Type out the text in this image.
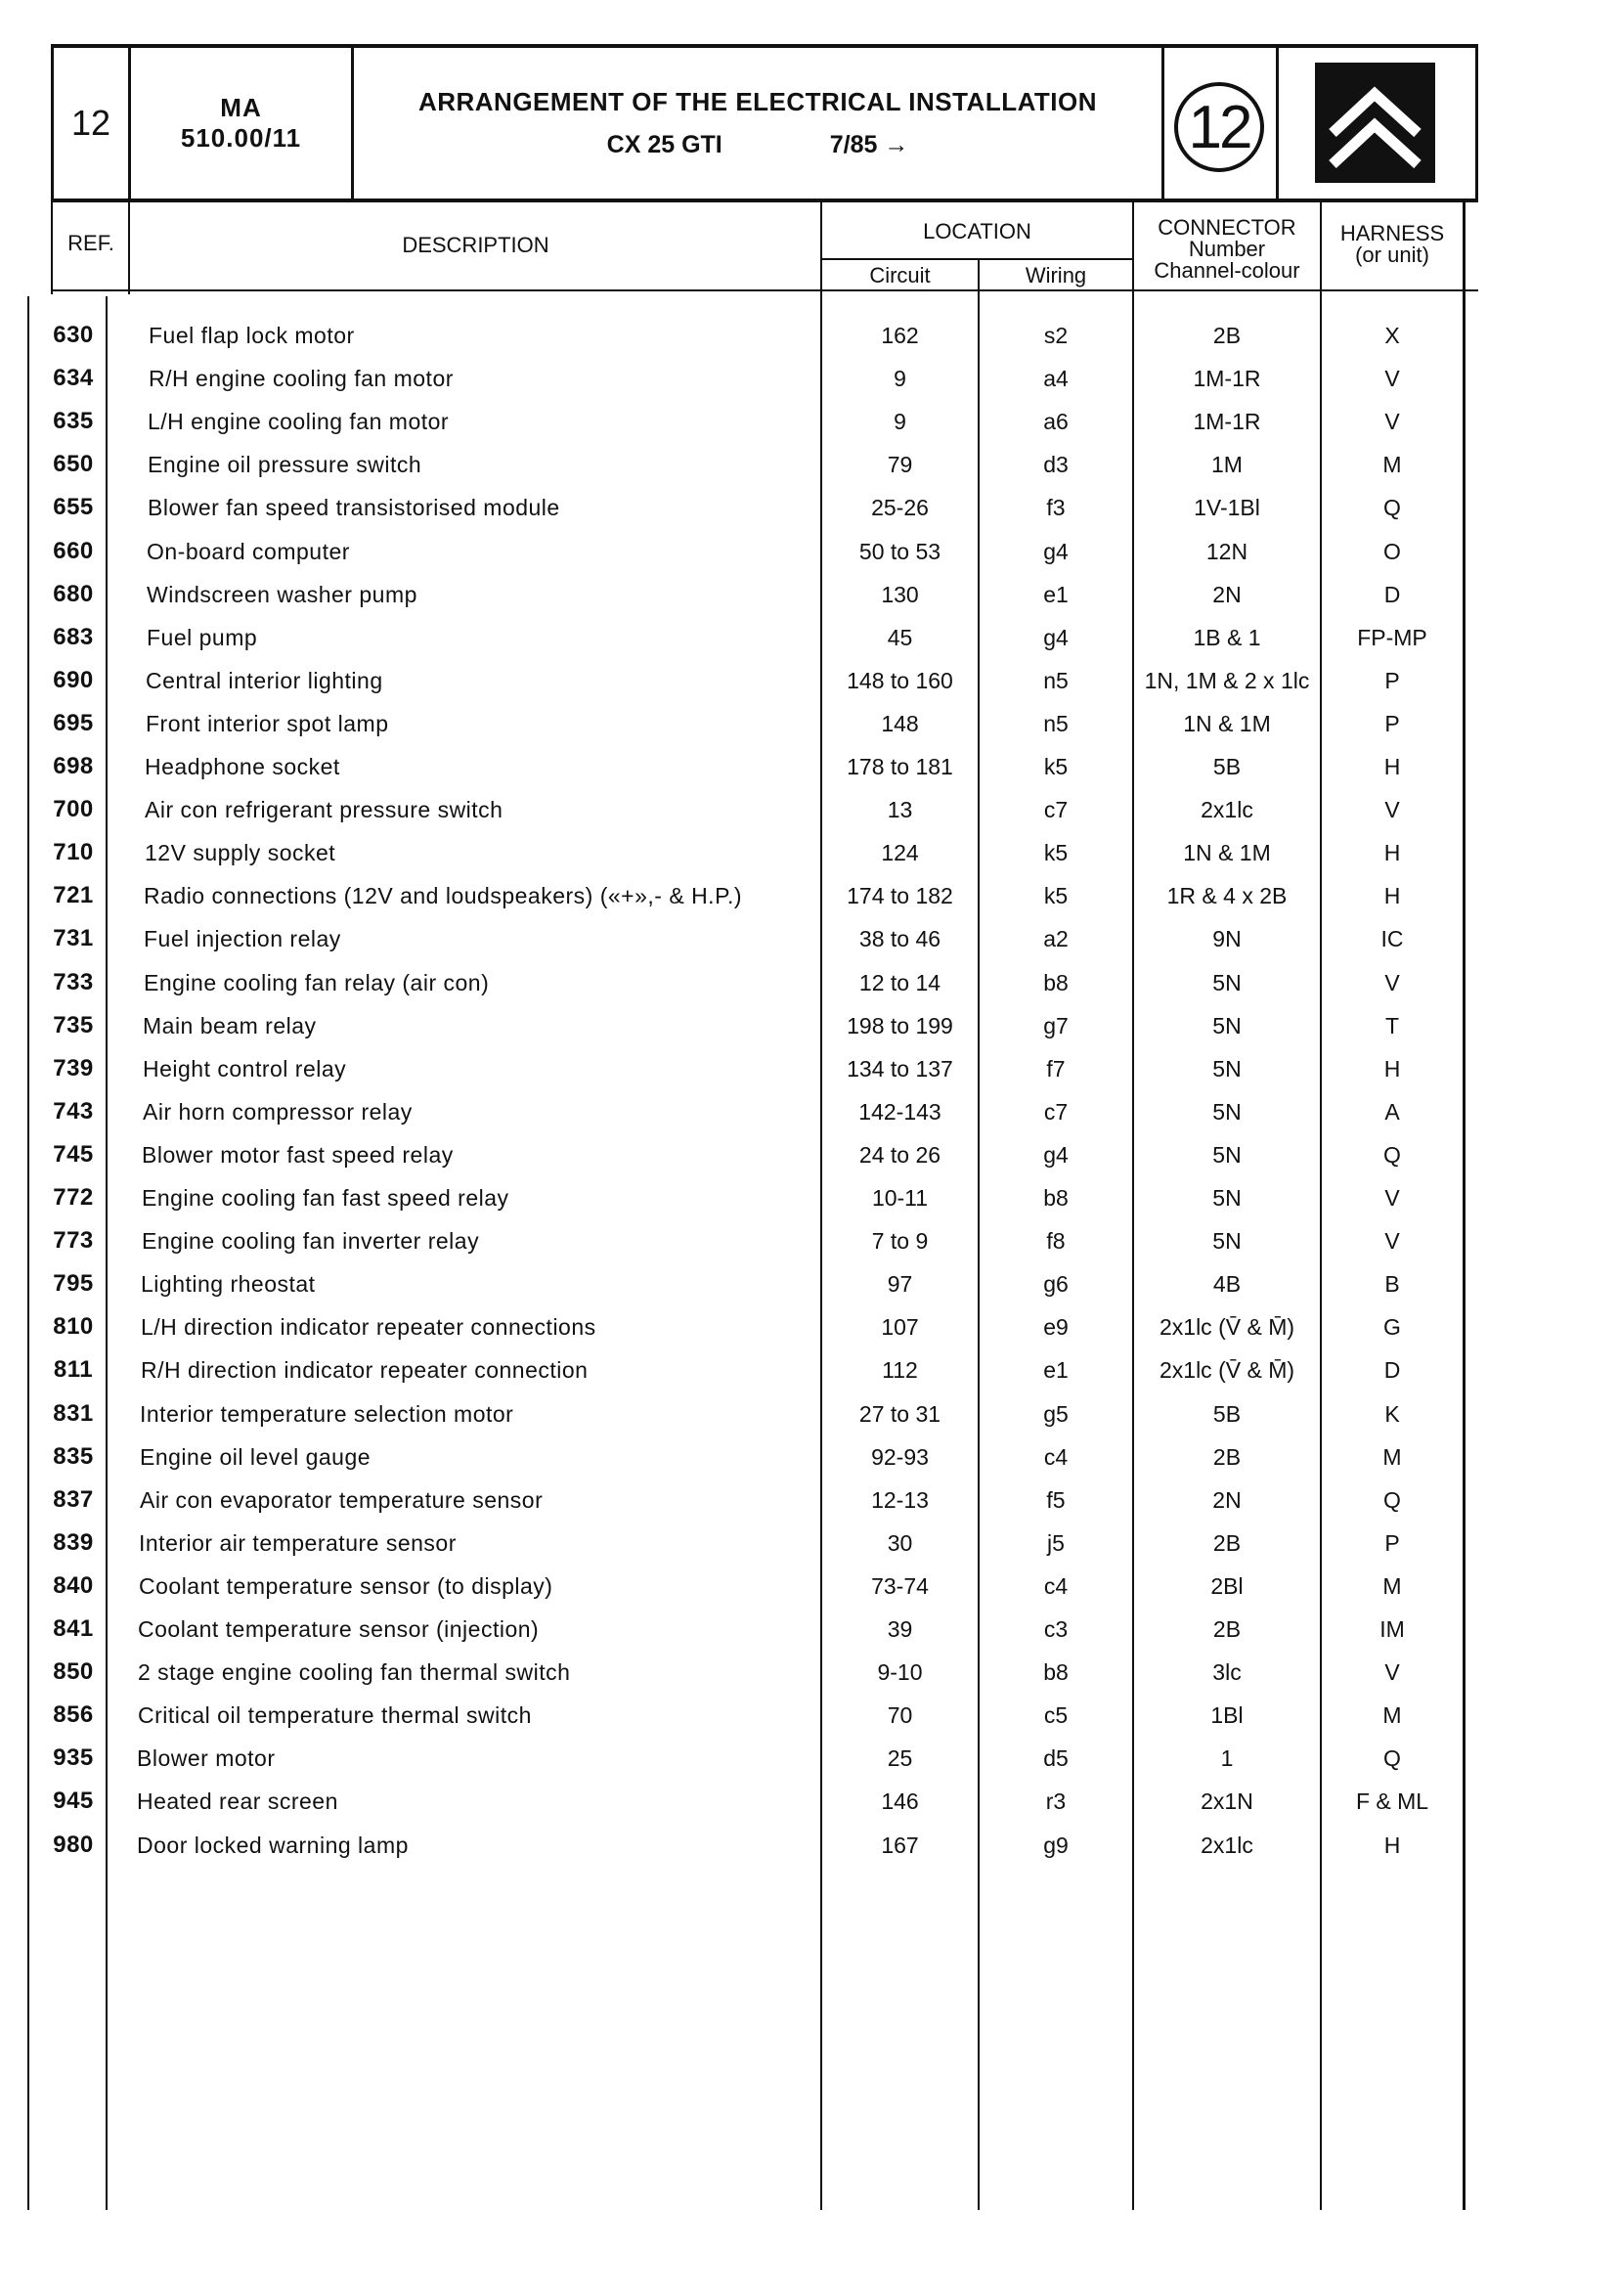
12	MA
510.00/11
ARRANGEMENT OF THE ELECTRICAL INSTALLATION
CX 25 GTI	7/85 →	12
REF.	DESCRIPTION
LOCATION
Circuit	Wiring
CONNECTOR
Number
Channel-colour
HARNESS
(or unit)
630	Fuel flap lock motor	162	s2	2B	X
634	R/H engine cooling fan motor	9	a4	1M-1R	V
635	L/H engine cooling fan motor	9	a6	1M-1R	V
650	Engine oil pressure switch	79	d3	1M	M
655	Blower fan speed transistorised module	25-26	f3	1V-1Bl	Q
660	On-board computer	50 to 53	g4	12N	O
680	Windscreen washer pump	130	e1	2N	D
683	Fuel pump	45	g4	1B & 1	FP-MP
690	Central interior lighting	148 to 160	n5	1N, 1M & 2 x 1lc	P
695	Front interior spot lamp	148	n5	1N & 1M	P
698	Headphone socket	178 to 181	k5	5B	H
700	Air con refrigerant pressure switch	13	c7	2x1lc	V
710	12V supply socket	124	k5	1N & 1M	H
721	Radio connections (12V and loudspeakers) («+»,- & H.P.)	174 to 182	k5	1R & 4 x 2B	H
731	Fuel injection relay	38 to 46	a2	9N	IC
733	Engine cooling fan relay (air con)	12 to 14	b8	5N	V
735	Main beam relay	198 to 199	g7	5N	T
739	Height control relay	134 to 137	f7	5N	H
743	Air horn compressor relay	142-143	c7	5N	A
745	Blower motor fast speed relay	24 to 26	g4	5N	Q
772	Engine cooling fan fast speed relay	10-11	b8	5N	V
773	Engine cooling fan inverter relay	7 to 9	f8	5N	V
795	Lighting rheostat	97	g6	4B	B
810	L/H direction indicator repeater connections	107	e9	2x1lc (V̄ & M̄)	G
811	R/H direction indicator repeater connection	112	e1	2x1lc (V̄ & M̄)	D
831	Interior temperature selection motor	27 to 31	g5	5B	K
835	Engine oil level gauge	92-93	c4	2B	M
837	Air con evaporator temperature sensor	12-13	f5	2N	Q
839	Interior air temperature sensor	30	j5	2B	P
840	Coolant temperature sensor (to display)	73-74	c4	2Bl	M
841	Coolant temperature sensor (injection)	39	c3	2B	IM
850	2 stage engine cooling fan thermal switch	9-10	b8	3lc	V
856	Critical oil temperature thermal switch	70	c5	1Bl	M
935	Blower motor	25	d5	1	Q
945	Heated rear screen	146	r3	2x1N	F & ML
980	Door locked warning lamp	167	g9	2x1lc	H
